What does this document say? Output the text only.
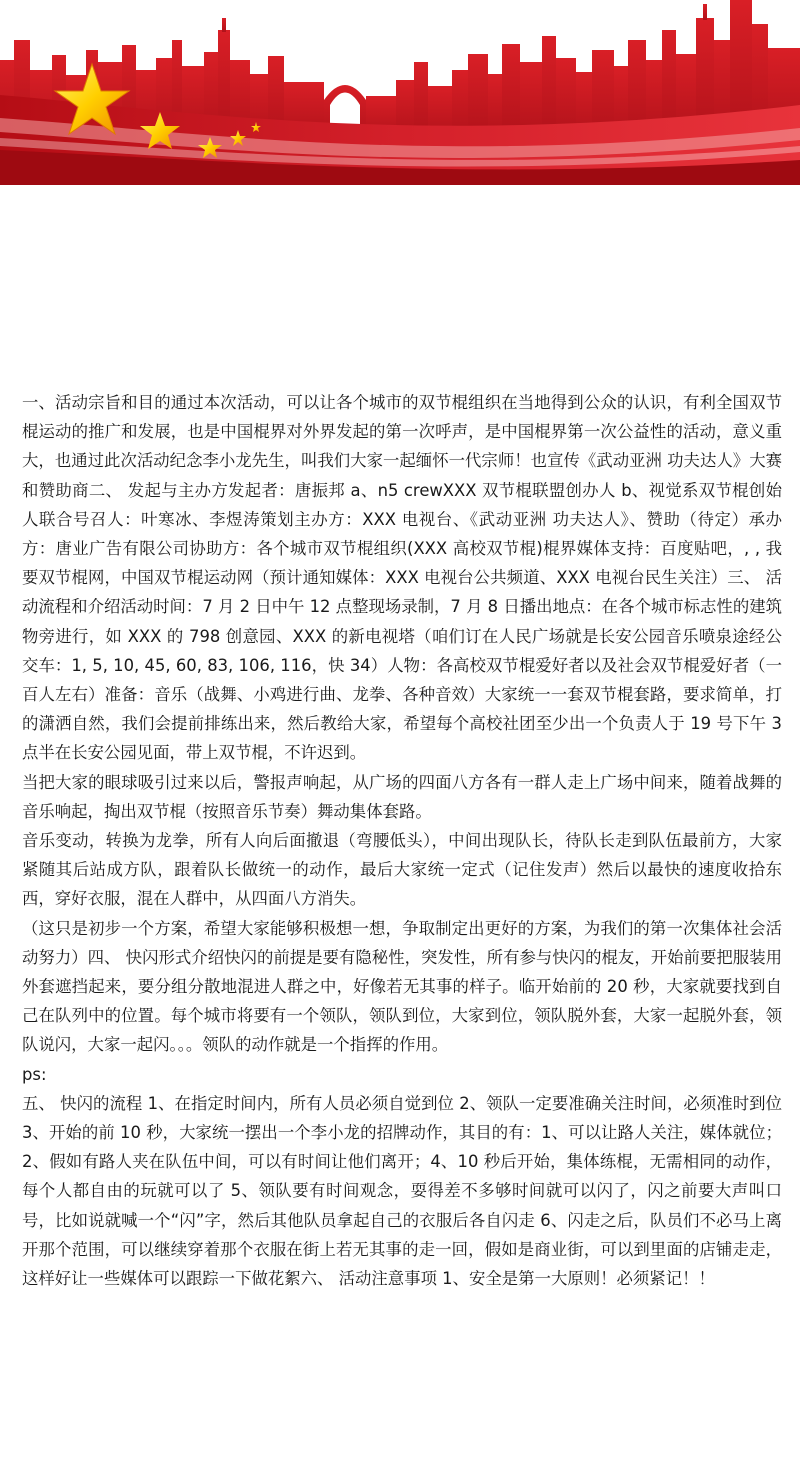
一、活动宗旨和目的通过本次活动，可以让各个城市的双节棍组织在当地得到公众的认识，有利全国双节棍运动的推广和发展，也是中国棍界对外界发起的第一次呼声，是中国棍界第一次公益性的活动，意义重大，也通过此次活动纪念李小龙先生，叫我们大家一起缅怀一代宗师！也宣传《武动亚洲 功夫达人》大赛和赞助商二、 发起与主办方发起者：唐振邦 a、n5 crewXXX 双节棍联盟创办人 b、视觉系双节棍创始人联合号召人：叶寒冰、李煜涛策划主办方：XXX 电视台、《武动亚洲 功夫达人》、赞助（待定）承办方：唐业广告有限公司协助方：各个城市双节棍组织(XXX 高校双节棍)棍界媒体支持：百度贴吧，, , 我要双节棍网，中国双节棍运动网（预计通知媒体：XXX 电视台公共频道、XXX 电视台民生关注）三、 活动流程和介绍活动时间：7 月 2 日中午 12 点整现场录制，7 月 8 日播出地点：在各个城市标志性的建筑物旁进行，如 XXX 的 798 创意园、XXX 的新电视塔（咱们订在人民广场就是长安公园音乐喷泉途经公交车：1, 5, 10, 45, 60, 83, 106, 116，快 34）人物：各高校双节棍爱好者以及社会双节棍爱好者（一百人左右）准备：音乐（战舞、小鸡进行曲、龙拳、各种音效）大家统一一套双节棍套路，要求简单，打的潇洒自然，我们会提前排练出来，然后教给大家，希望每个高校社团至少出一个负责人于 19 号下午 3 点半在长安公园见面，带上双节棍，不许迟到。

当把大家的眼球吸引过来以后，警报声响起，从广场的四面八方各有一群人走上广场中间来，随着战舞的音乐响起，掏出双节棍（按照音乐节奏）舞动集体套路。

音乐变动，转换为龙拳，所有人向后面撤退（弯腰低头），中间出现队长，待队长走到队伍最前方，大家紧随其后站成方队，跟着队长做统一的动作，最后大家统一定式（记住发声）然后以最快的速度收拾东西，穿好衣服，混在人群中，从四面八方消失。

（这只是初步一个方案，希望大家能够积极想一想，争取制定出更好的方案，为我们的第一次集体社会活动努力）四、 快闪形式介绍快闪的前提是要有隐秘性，突发性，所有参与快闪的棍友，开始前要把服装用外套遮挡起来，要分组分散地混进人群之中，好像若无其事的样子。临开始前的 20 秒，大家就要找到自己在队列中的位置。每个城市将要有一个领队，领队到位，大家到位，领队脱外套，大家一起脱外套，领队说闪，大家一起闪。。。领队的动作就是一个指挥的作用。

ps:

五、 快闪的流程 1、在指定时间内，所有人员必须自觉到位 2、领队一定要准确关注时间，必须准时到位 3、开始的前 10 秒，大家统一摆出一个李小龙的招牌动作，其目的有：1、可以让路人关注，媒体就位；2、假如有路人夹在队伍中间，可以有时间让他们离开；4、10 秒后开始，集体练棍，无需相同的动作，每个人都自由的玩就可以了 5、领队要有时间观念，耍得差不多够时间就可以闪了，闪之前要大声叫口号，比如说就喊一个“闪”字，然后其他队员拿起自己的衣服后各自闪走 6、闪走之后，队员们不必马上离开那个范围，可以继续穿着那个衣服在街上若无其事的走一回，假如是商业街，可以到里面的店铺走走，这样好让一些媒体可以跟踪一下做花絮六、 活动注意事项 1、安全是第一大原则！必须紧记！！
